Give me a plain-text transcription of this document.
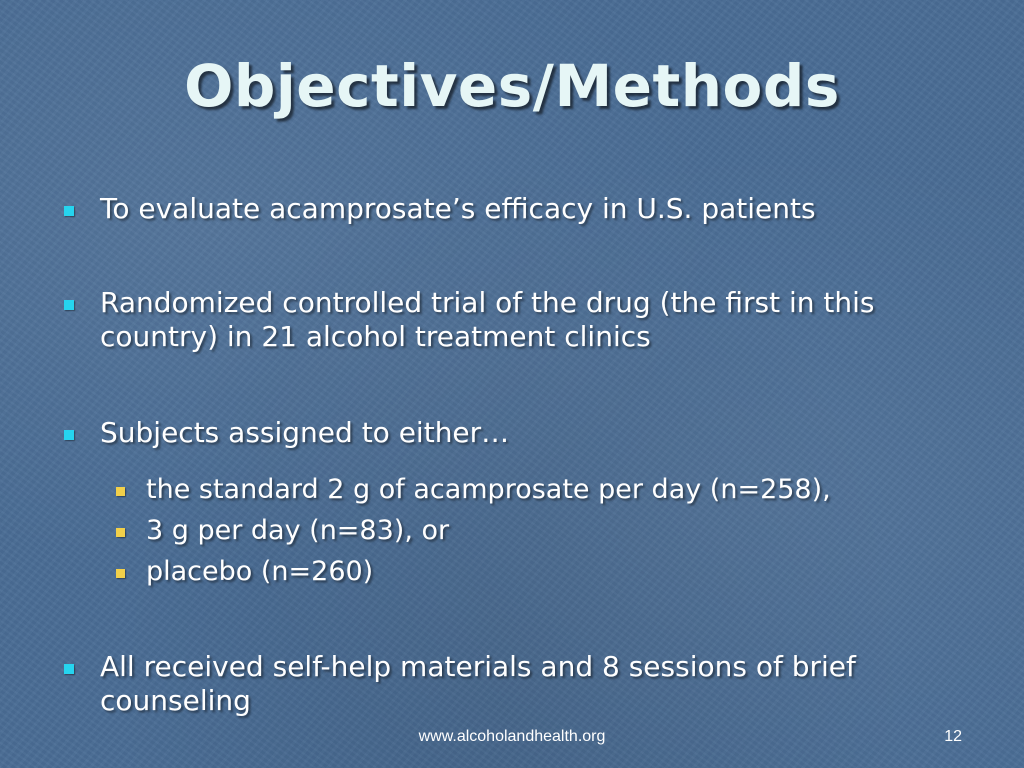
Objectives/Methods
To evaluate acamprosate’s efficacy in U.S. patients
Randomized controlled trial of the drug (the first in this country) in 21 alcohol treatment clinics
Subjects assigned to either…
the standard 2 g of acamprosate per day (n=258),
3 g per day (n=83), or
placebo (n=260)
All received self-help materials and 8 sessions of brief counseling
www.alcoholandhealth.org	12
